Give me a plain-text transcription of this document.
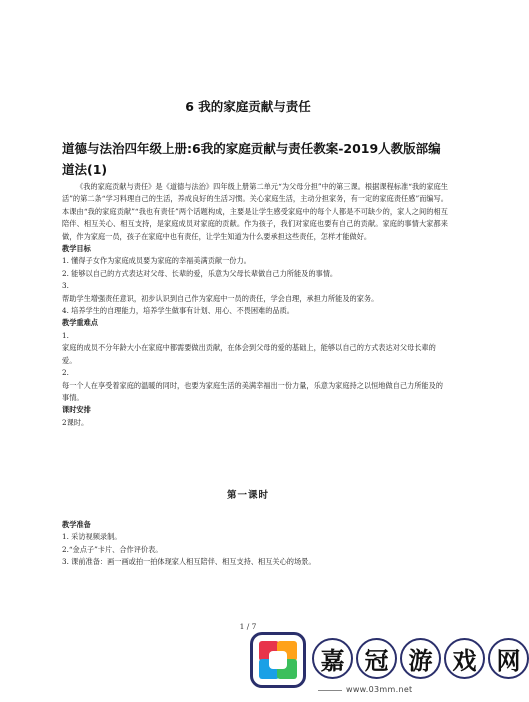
6 我的家庭贡献与责任
道德与法治四年级上册:6我的家庭贡献与责任教案-2019人教版部编道法(1)

《我的家庭贡献与责任》是《道德与法治》四年级上册第二单元“为父母分担”中的第三课。根据课程标准“我的家庭生活”的第二条“学习料理自己的生活，养成良好的生活习惯。关心家庭生活，主动分担家务，有一定的家庭责任感”而编写。本课由“我的家庭贡献”“我也有责任”两个话题构成，主要是让学生感受家庭中的每个人都是不可缺少的，家人之间的相互陪伴、相互关心、相互支持，是家庭成员对家庭的贡献。作为孩子，我们对家庭也要有自己的贡献。家庭的事情大家都来做，作为家庭一员，孩子在家庭中也有责任，让学生知道为什么要承担这些责任，怎样才能做好。

教学目标

1. 懂得子女作为家庭成员要为家庭的幸福美满贡献一份力。

2. 能够以自己的方式表达对父母、长辈的爱，乐意为父母长辈做自己力所能及的事情。

3.

帮助学生增强责任意识，初步认识到自己作为家庭中一员的责任，学会自理，承担力所能及的家务。

4. 培养学生的自理能力，培养学生做事有计划、用心、不畏困难的品质。

教学重难点

1.

家庭的成员不分年龄大小在家庭中都需要做出贡献，在体会到父母的爱的基础上，能够以自己的方式表达对父母长辈的爱。

2.

每一个人在享受着家庭的温暖的同时，也要为家庭生活的美满幸福出一份力量，乐意为家庭持之以恒地做自己力所能及的事情。

课时安排

2课时。

第一课时

教学准备

1. 采访视频录制。

2.“金点子”卡片、合作评价表。

3. 课前准备：画一画或拍一拍体现家人相互陪伴、相互支持、相互关心的场景。

1 / 7
嘉 冠 游 戏 网
www.03mm.net
